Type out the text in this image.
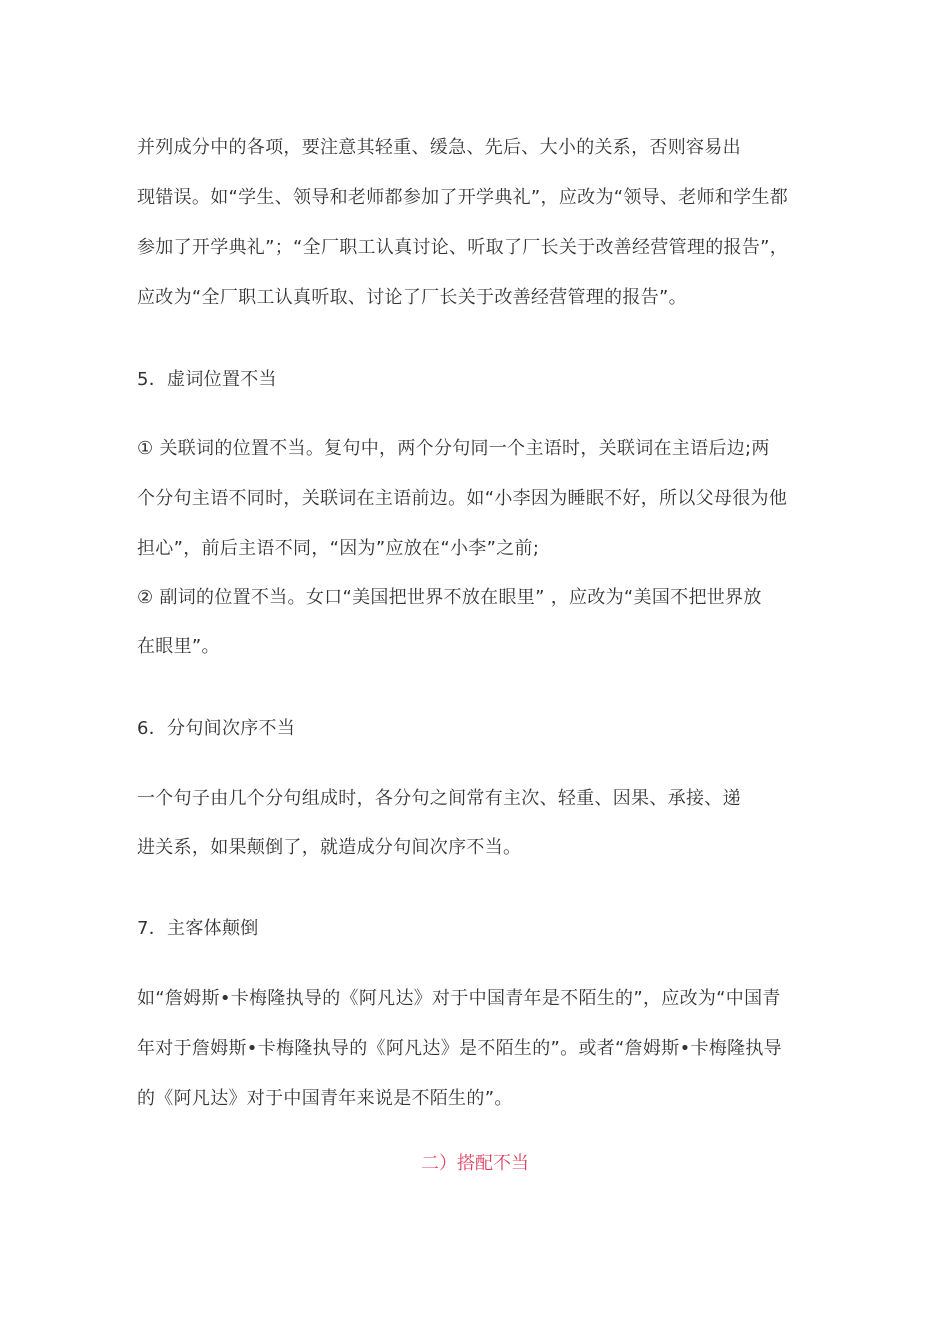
并列成分中的各项，要注意其轻重、缓急、先后、大小的关系，否则容易出
现错误。如“学生、领导和老师都参加了开学典礼”，应改为“领导、老师和学生都
参加了开学典礼”；“全厂职工认真讨论、听取了厂长关于改善经营管理的报告”，
应改为“全厂职工认真听取、讨论了厂长关于改善经营管理的报告”。
5．虚词位置不当
① 关联词的位置不当。复句中，两个分句同一个主语时，关联词在主语后边;两
个分句主语不同时，关联词在主语前边。如“小李因为睡眠不好，所以父母很为他
担心”，前后主语不同，“因为”应放在“小李”之前;
② 副词的位置不当。女口“美国把世界不放在眼里” ，应改为“美国不把世界放
在眼里”。
6．分句间次序不当
一个句子由几个分句组成时，各分句之间常有主次、轻重、因果、承接、递
进关系，如果颠倒了，就造成分句间次序不当。
7．主客体颠倒
如“詹姆斯•卡梅隆执导的《阿凡达》对于中国青年是不陌生的”，应改为“中国青
年对于詹姆斯•卡梅隆执导的《阿凡达》是不陌生的”。或者“詹姆斯•卡梅隆执导
的《阿凡达》对于中国青年来说是不陌生的”。
二）搭配不当
